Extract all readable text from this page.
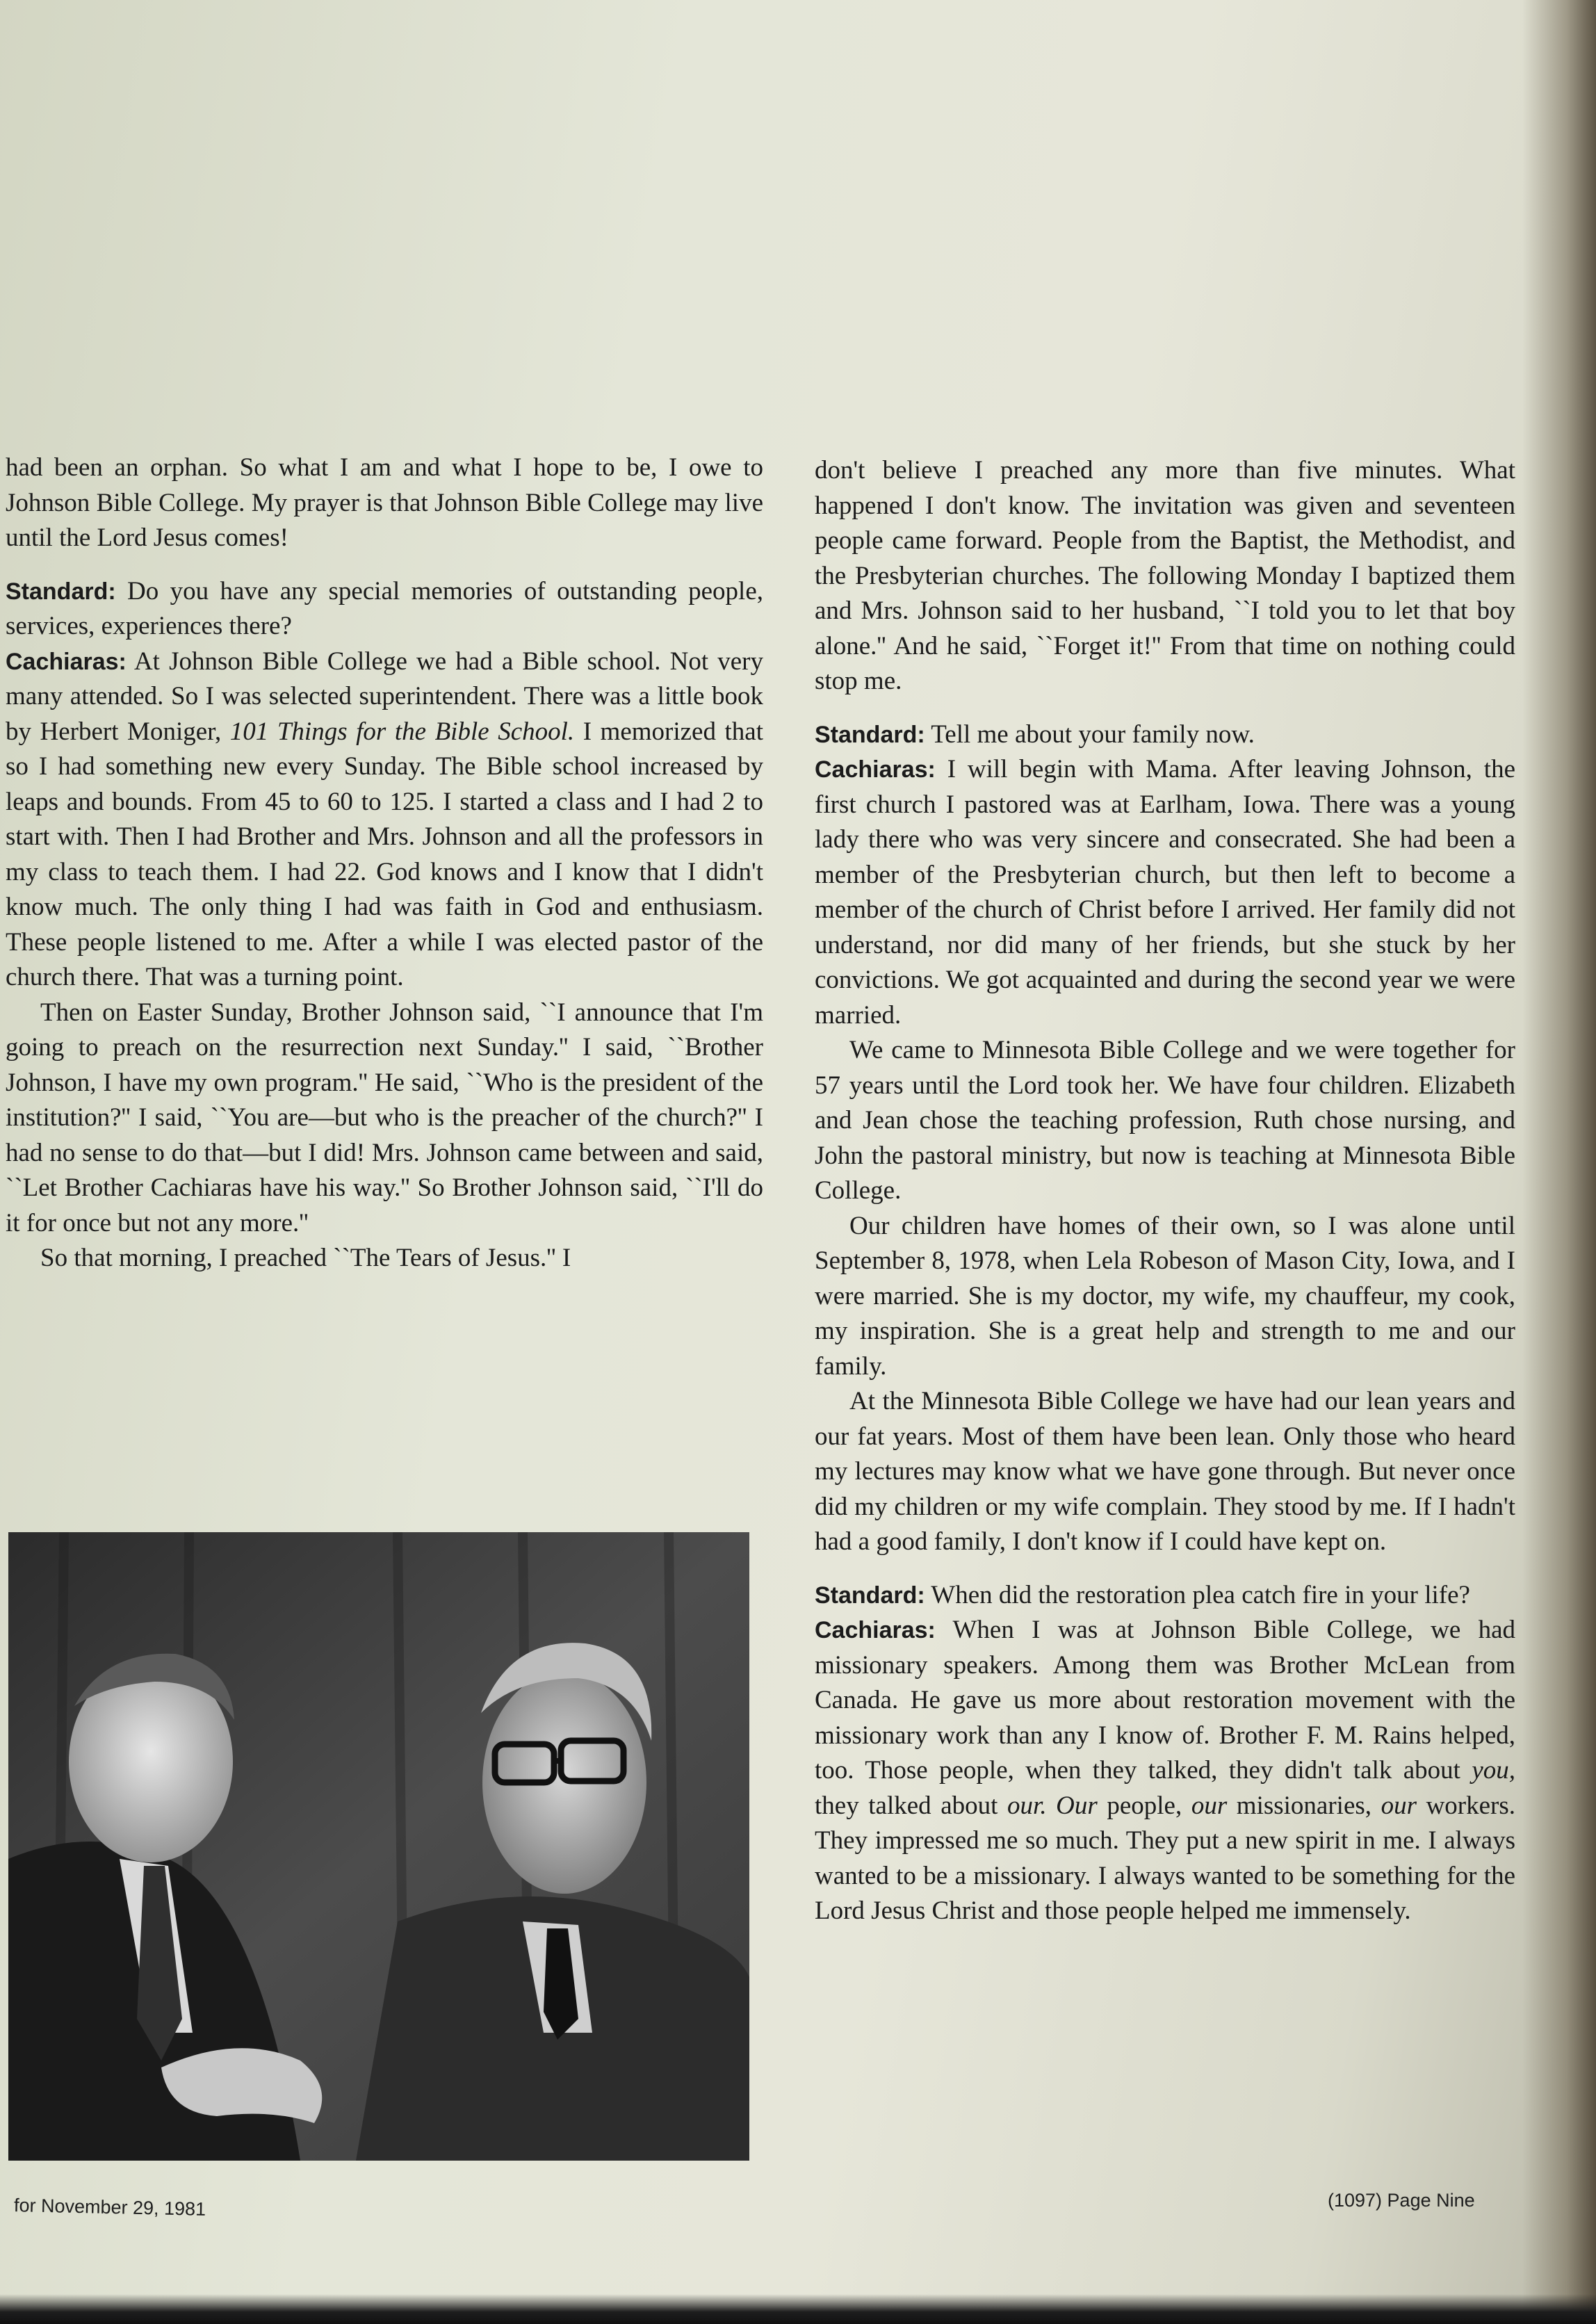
had been an orphan. So what I am and what I hope to be, I owe to Johnson Bible College. My prayer is that Johnson Bible College may live until the Lord Jesus comes!

Standard: Do you have any special memories of outstanding people, services, experiences there?

Cachiaras: At Johnson Bible College we had a Bible school. Not very many attended. So I was selected superintendent. There was a little book by Herbert Moniger, 101 Things for the Bible School. I memorized that so I had something new every Sunday. The Bible school increased by leaps and bounds. From 45 to 60 to 125. I started a class and I had 2 to start with. Then I had Brother and Mrs. Johnson and all the professors in my class to teach them. I had 22. God knows and I know that I didn't know much. The only thing I had was faith in God and enthusiasm. These people listened to me. After a while I was elected pastor of the church there. That was a turning point.

Then on Easter Sunday, Brother Johnson said, ``I announce that I'm going to preach on the resurrection next Sunday.'' I said, ``Brother Johnson, I have my own program.'' He said, ``Who is the president of the institution?'' I said, ``You are—but who is the preacher of the church?'' I had no sense to do that—but I did! Mrs. Johnson came between and said, ``Let Brother Cachiaras have his way.'' So Brother Johnson said, ``I'll do it for once but not any more.''

So that morning, I preached ``The Tears of Jesus.'' I

don't believe I preached any more than five minutes. What happened I don't know. The invitation was given and seventeen people came forward. People from the Baptist, the Methodist, and the Presbyterian churches. The following Monday I baptized them and Mrs. Johnson said to her husband, ``I told you to let that boy alone.'' And he said, ``Forget it!'' From that time on nothing could stop me.

Standard: Tell me about your family now.

Cachiaras: I will begin with Mama. After leaving Johnson, the first church I pastored was at Earlham, Iowa. There was a young lady there who was very sincere and consecrated. She had been a member of the Presbyterian church, but then left to become a member of the church of Christ before I arrived. Her family did not understand, nor did many of her friends, but she stuck by her convictions. We got acquainted and during the second year we were married.

We came to Minnesota Bible College and we were together for 57 years until the Lord took her. We have four children. Elizabeth and Jean chose the teaching profession, Ruth chose nursing, and John the pastoral ministry, but now is teaching at Minnesota Bible College.

Our children have homes of their own, so I was alone until September 8, 1978, when Lela Robeson of Mason City, Iowa, and I were married. She is my doctor, my wife, my chauffeur, my cook, my inspiration. She is a great help and strength to me and our family.

At the Minnesota Bible College we have had our lean years and our fat years. Most of them have been lean. Only those who heard my lectures may know what we have gone through. But never once did my children or my wife complain. They stood by me. If I hadn't had a good family, I don't know if I could have kept on.

Standard: When did the restoration plea catch fire in your life?

Cachiaras: When I was at Johnson Bible College, we had missionary speakers. Among them was Brother McLean from Canada. He gave us more about restoration movement with the missionary work than any I know of. Brother F. M. Rains helped, too. Those people, when they talked, they didn't talk about you, they talked about our. Our people, our missionaries, our workers. They impressed me so much. They put a new spirit in me. I always wanted to be a missionary. I always wanted to be something for the Lord Jesus Christ and those people helped me immensely.

for November 29, 1981	(1097) Page Nine
